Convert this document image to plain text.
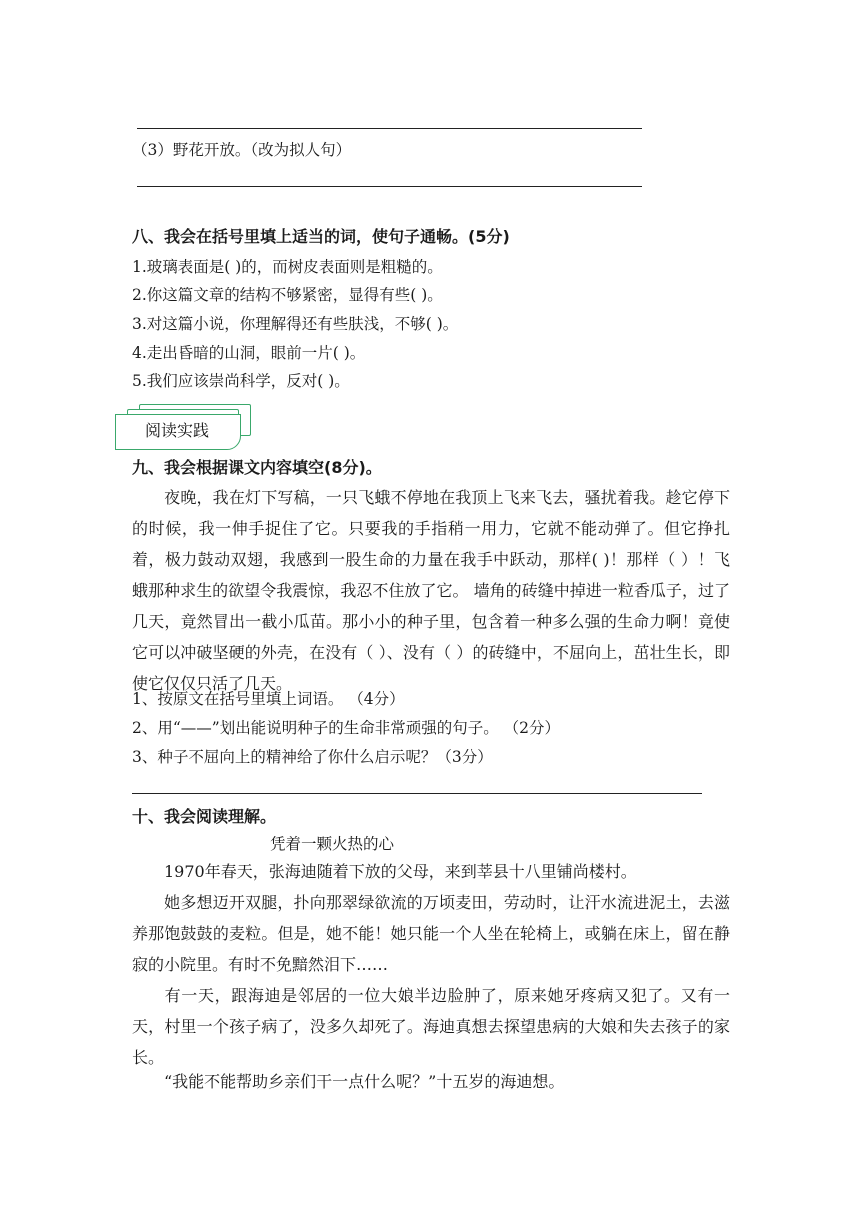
（3）野花开放。（改为拟人句）
八、我会在括号里填上适当的词，使句子通畅。(5分)
1.玻璃表面是( )的，而树皮表面则是粗糙的。
2.你这篇文章的结构不够紧密，显得有些( )。
3.对这篇小说，你理解得还有些肤浅，不够( )。
4.走出昏暗的山洞，眼前一片( )。
5.我们应该崇尚科学，反对( )。
阅读实践
九、我会根据课文内容填空(8分)。
夜晚，我在灯下写稿，一只飞蛾不停地在我顶上飞来飞去，骚扰着我。趁它停下的时候，我一伸手捉住了它。只要我的手指稍一用力，它就不能动弹了。但它挣扎着，极力鼓动双翅，我感到一股生命的力量在我手中跃动，那样( )！那样（ ）！飞蛾那种求生的欲望令我震惊，我忍不住放了它。 墙角的砖缝中掉进一粒香瓜子，过了几天，竟然冒出一截小瓜苗。那小小的种子里，包含着一种多么强的生命力啊！竟使它可以冲破坚硬的外壳，在没有（ ）、没有（ ）的砖缝中，不屈向上，茁壮生长，即使它仅仅只活了几天。
1、按原文在括号里填上词语。 （4分）
2、用“——”划出能说明种子的生命非常顽强的句子。 （2分）
3、种子不屈向上的精神给了你什么启示呢？（3分）
十、我会阅读理解。
凭着一颗火热的心
1970年春天，张海迪随着下放的父母，来到莘县十八里铺尚楼村。
她多想迈开双腿，扑向那翠绿欲流的万顷麦田，劳动时，让汗水流进泥土，去滋养那饱鼓鼓的麦粒。但是，她不能！她只能一个人坐在轮椅上，或躺在床上，留在静寂的小院里。有时不免黯然泪下……
有一天，跟海迪是邻居的一位大娘半边脸肿了，原来她牙疼病又犯了。又有一天，村里一个孩子病了，没多久却死了。海迪真想去探望患病的大娘和失去孩子的家长。
“我能不能帮助乡亲们干一点什么呢？”十五岁的海迪想。
